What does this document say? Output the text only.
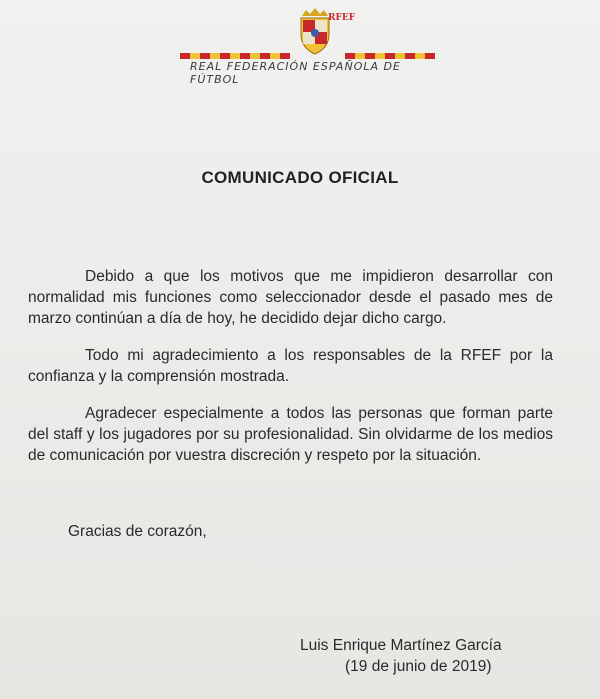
RFEF
REAL FEDERACIÓN ESPAÑOLA DE FÚTBOL
COMUNICADO OFICIAL
Debido a que los motivos que me impidieron desarrollar con normalidad mis funciones como seleccionador desde el pasado mes de marzo continúan a día de hoy, he decidido dejar dicho cargo.
Todo mi agradecimiento a los responsables de la RFEF por la confianza y la comprensión mostrada.
Agradecer especialmente a todos las personas que forman parte del staff y los jugadores por su profesionalidad. Sin olvidarme de los medios de comunicación por vuestra discreción y respeto por la situación.
Gracias de corazón,
Luis Enrique Martínez García
(19 de junio de 2019)
